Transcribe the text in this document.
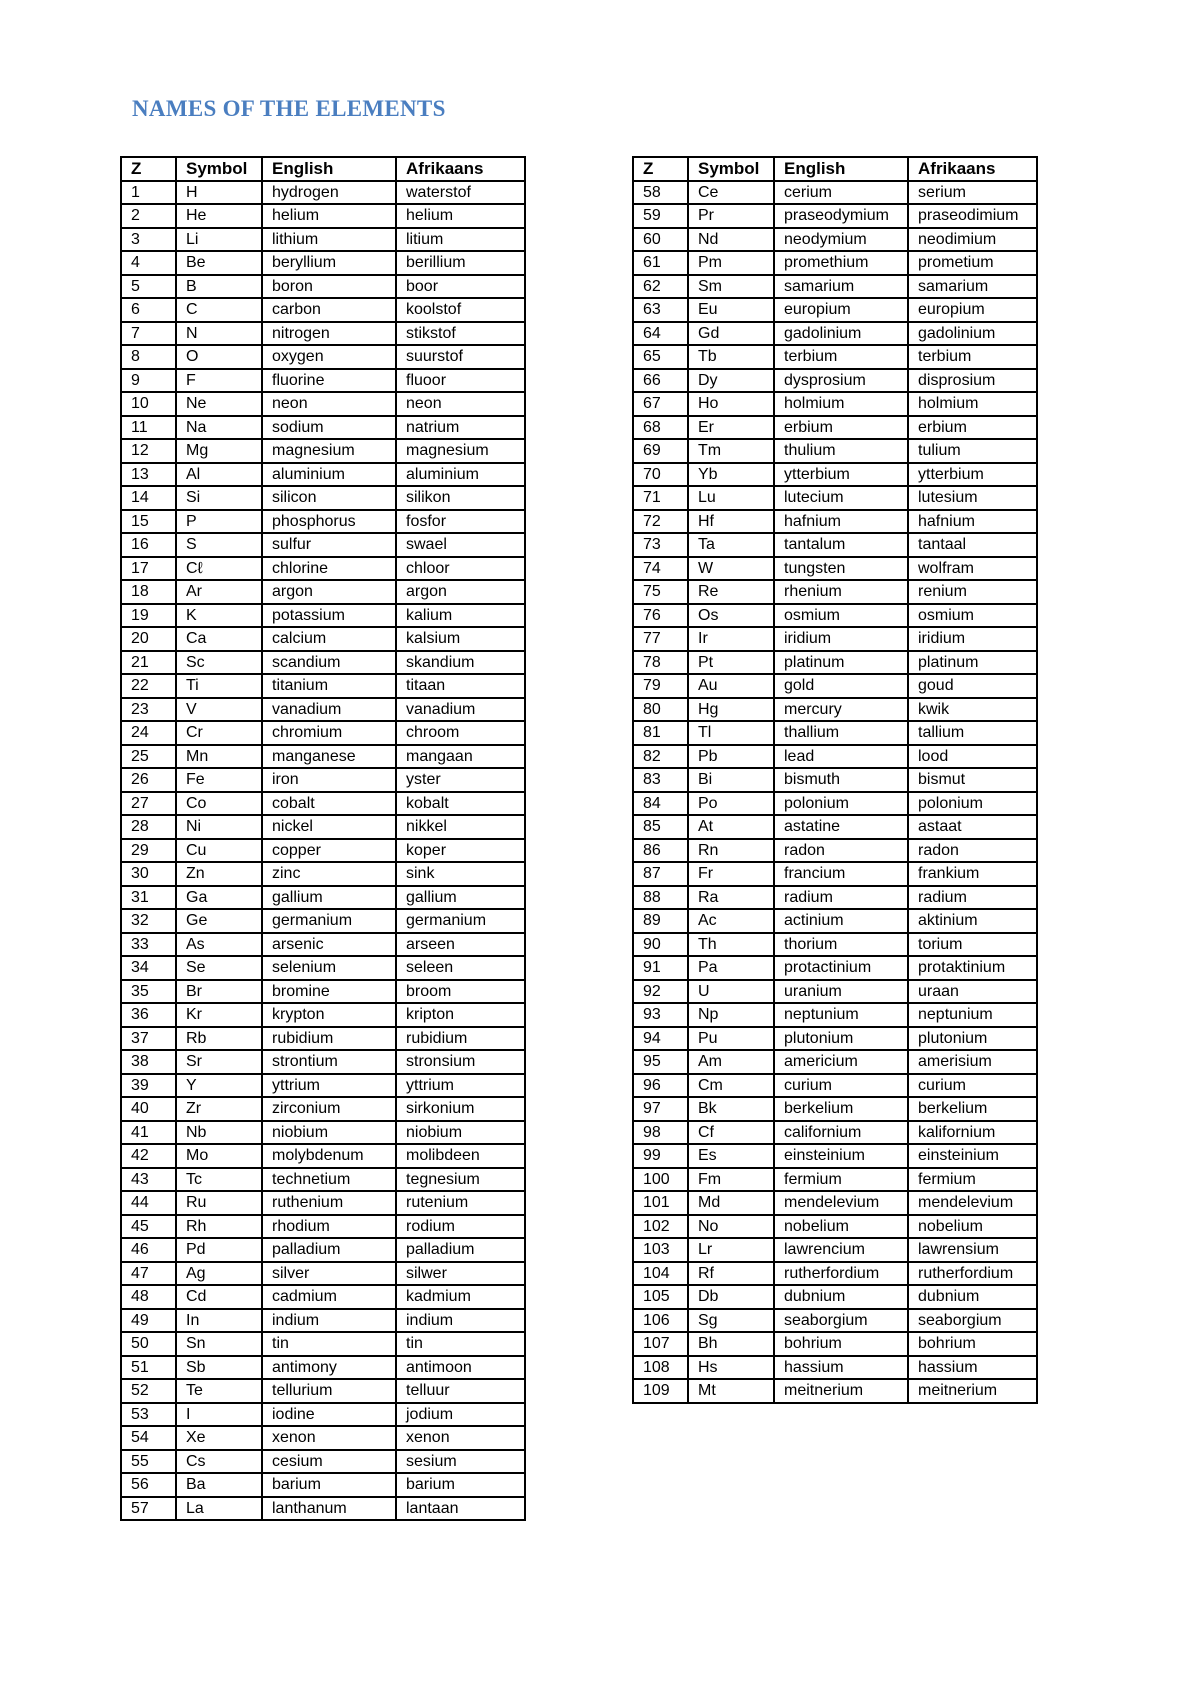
NAMES OF THE ELEMENTS
Z	Symbol	English	Afrikaans
1	H	hydrogen	waterstof
2	He	helium	helium
3	Li	lithium	litium
4	Be	beryllium	berillium
5	B	boron	boor
6	C	carbon	koolstof
7	N	nitrogen	stikstof
8	O	oxygen	suurstof
9	F	fluorine	fluoor
10	Ne	neon	neon
11	Na	sodium	natrium
12	Mg	magnesium	magnesium
13	Al	aluminium	aluminium
14	Si	silicon	silikon
15	P	phosphorus	fosfor
16	S	sulfur	swael
17	Cℓ	chlorine	chloor
18	Ar	argon	argon
19	K	potassium	kalium
20	Ca	calcium	kalsium
21	Sc	scandium	skandium
22	Ti	titanium	titaan
23	V	vanadium	vanadium
24	Cr	chromium	chroom
25	Mn	manganese	mangaan
26	Fe	iron	yster
27	Co	cobalt	kobalt
28	Ni	nickel	nikkel
29	Cu	copper	koper
30	Zn	zinc	sink
31	Ga	gallium	gallium
32	Ge	germanium	germanium
33	As	arsenic	arseen
34	Se	selenium	seleen
35	Br	bromine	broom
36	Kr	krypton	kripton
37	Rb	rubidium	rubidium
38	Sr	strontium	stronsium
39	Y	yttrium	yttrium
40	Zr	zirconium	sirkonium
41	Nb	niobium	niobium
42	Mo	molybdenum	molibdeen
43	Tc	technetium	tegnesium
44	Ru	ruthenium	rutenium
45	Rh	rhodium	rodium
46	Pd	palladium	palladium
47	Ag	silver	silwer
48	Cd	cadmium	kadmium
49	In	indium	indium
50	Sn	tin	tin
51	Sb	antimony	antimoon
52	Te	tellurium	telluur
53	I	iodine	jodium
54	Xe	xenon	xenon
55	Cs	cesium	sesium
56	Ba	barium	barium
57	La	lanthanum	lantaan
Z	Symbol	English	Afrikaans
58	Ce	cerium	serium
59	Pr	praseodymium	praseodimium
60	Nd	neodymium	neodimium
61	Pm	promethium	prometium
62	Sm	samarium	samarium
63	Eu	europium	europium
64	Gd	gadolinium	gadolinium
65	Tb	terbium	terbium
66	Dy	dysprosium	disprosium
67	Ho	holmium	holmium
68	Er	erbium	erbium
69	Tm	thulium	tulium
70	Yb	ytterbium	ytterbium
71	Lu	lutecium	lutesium
72	Hf	hafnium	hafnium
73	Ta	tantalum	tantaal
74	W	tungsten	wolfram
75	Re	rhenium	renium
76	Os	osmium	osmium
77	Ir	iridium	iridium
78	Pt	platinum	platinum
79	Au	gold	goud
80	Hg	mercury	kwik
81	Tl	thallium	tallium
82	Pb	lead	lood
83	Bi	bismuth	bismut
84	Po	polonium	polonium
85	At	astatine	astaat
86	Rn	radon	radon
87	Fr	francium	frankium
88	Ra	radium	radium
89	Ac	actinium	aktinium
90	Th	thorium	torium
91	Pa	protactinium	protaktinium
92	U	uranium	uraan
93	Np	neptunium	neptunium
94	Pu	plutonium	plutonium
95	Am	americium	amerisium
96	Cm	curium	curium
97	Bk	berkelium	berkelium
98	Cf	californium	kalifornium
99	Es	einsteinium	einsteinium
100	Fm	fermium	fermium
101	Md	mendelevium	mendelevium
102	No	nobelium	nobelium
103	Lr	lawrencium	lawrensium
104	Rf	rutherfordium	rutherfordium
105	Db	dubnium	dubnium
106	Sg	seaborgium	seaborgium
107	Bh	bohrium	bohrium
108	Hs	hassium	hassium
109	Mt	meitnerium	meitnerium
